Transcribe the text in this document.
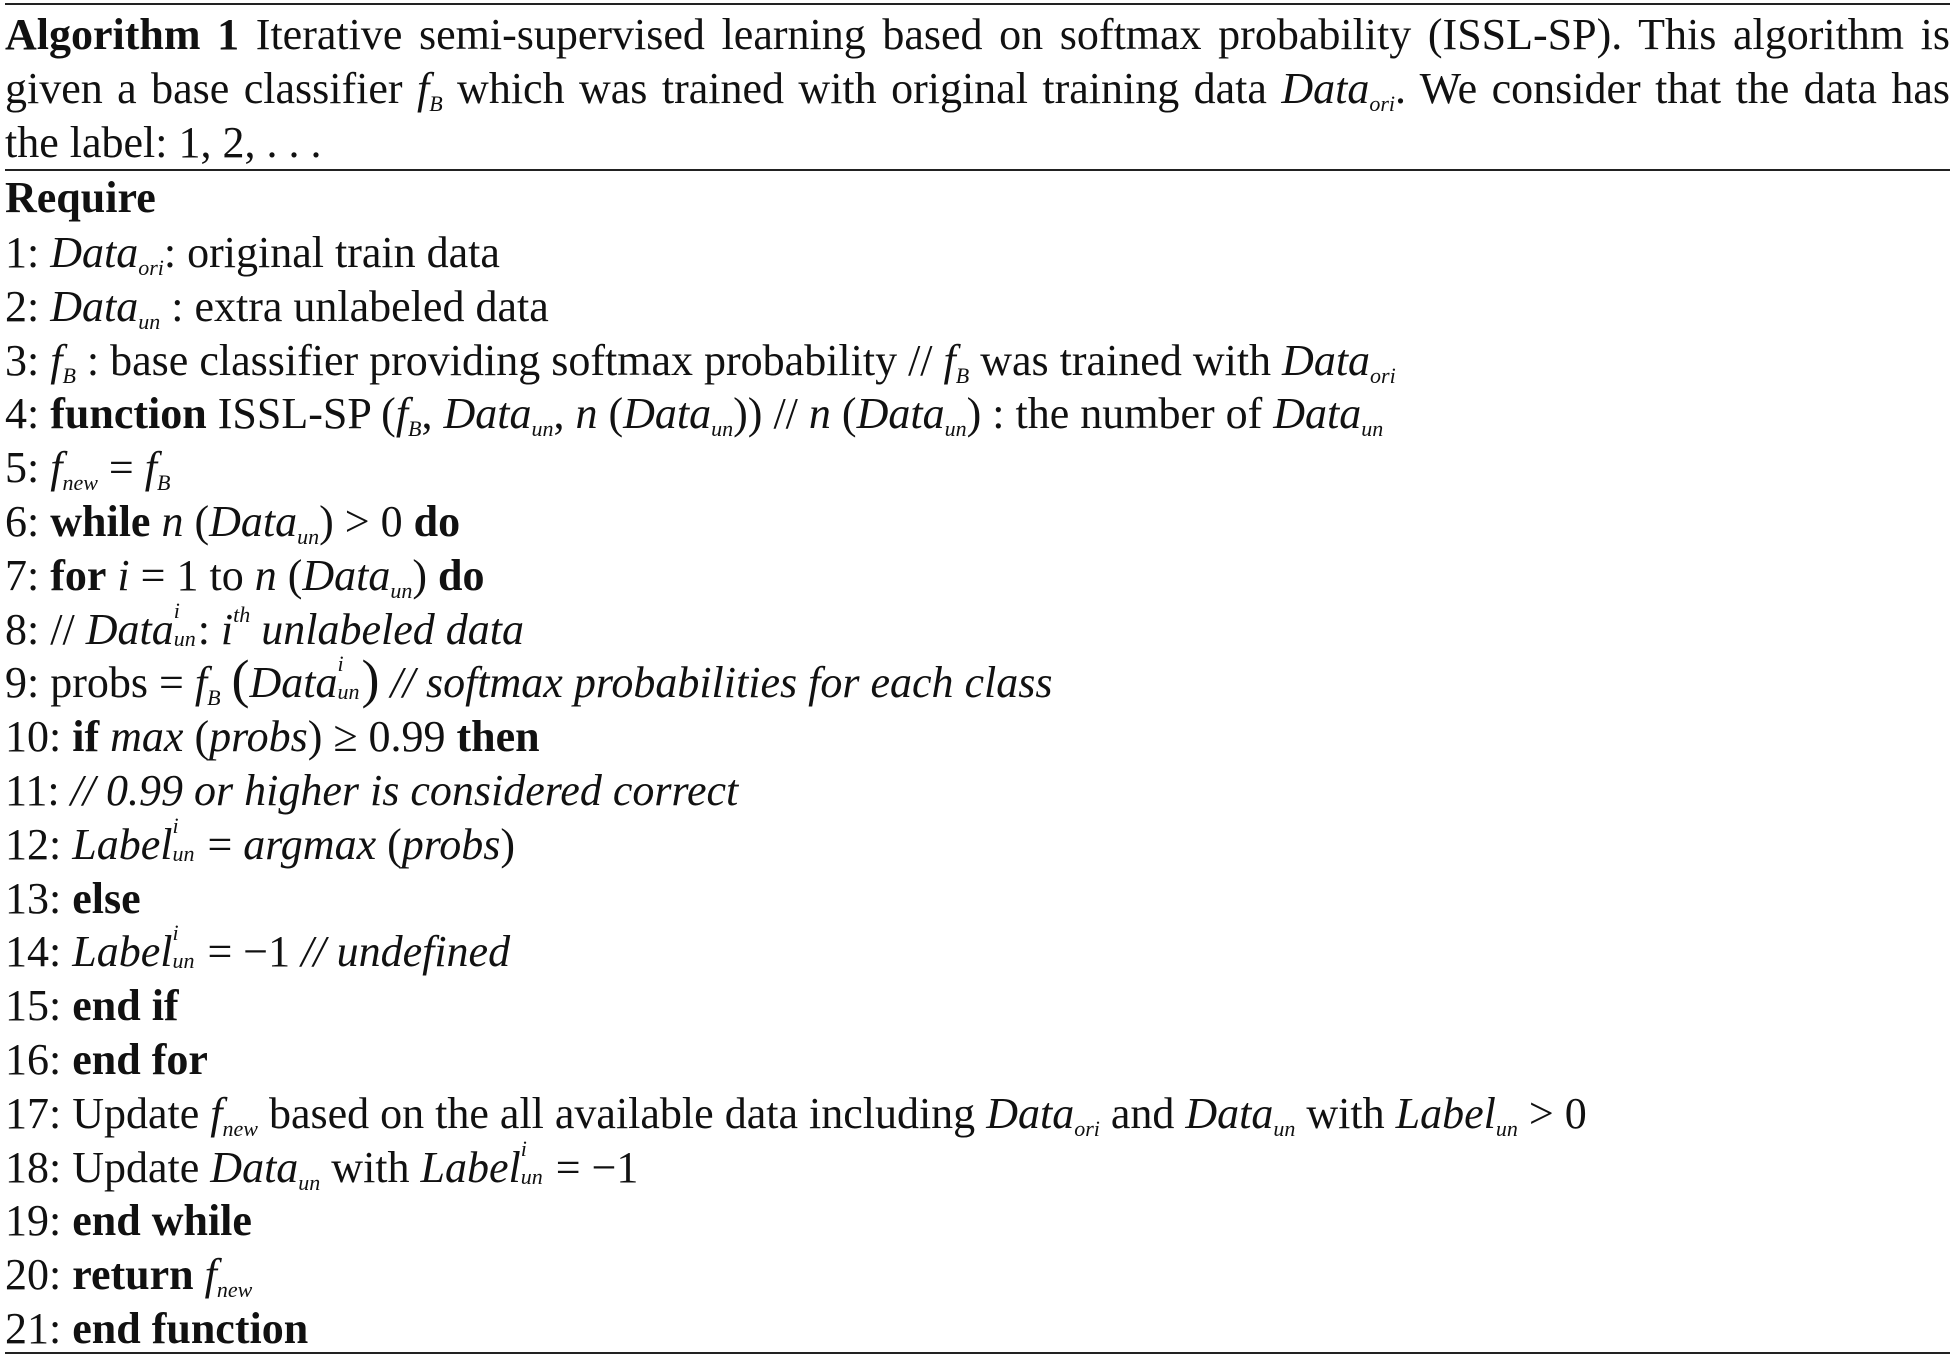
Algorithm 1 Iterative semi-supervised learning based on softmax probability (ISSL-SP). This algorithm is given a base classifier $f_B$ which was trained with original training data Data$_{ori}$. We consider that the data has the label: 1, 2, . . .
Require
1: Data$_{ori}$: original train data
2: Data$_{un}$ : extra unlabeled data
3: $f_B$ : base classifier providing softmax probability // $f_B$ was trained with Data$_{ori}$
4: function ISSL-SP ($f_B$, Data$_{un}$, n (Data$_{un}$)) // n (Data$_{un}$) : the number of Data$_{un}$
5: $f_{new} = f_B$
6: while n (Data$_{un}$) > 0 do
7: for i = 1 to n (Data$_{un}$) do
8: // Data i
un : $i^{th}$ unlabeled data
9: probs = $f_B$ (Data i
un ) // softmax probabilities for each class
10: if max (probs) ≥ 0.99 then
11: // 0.99 or higher is considered correct
12: Label i
un = argmax (probs)
13: else
14: Label i
un = −1 // undefined
15: end if
16: end for
17: Update $f_{new}$ based on the all available data including Data$_{ori}$ and Data$_{un}$ with Label$_{un}$ > 0
18: Update Data$_{un}$ with Label i
un = −1
19: end while
20: return $f_{new}$
21: end function
